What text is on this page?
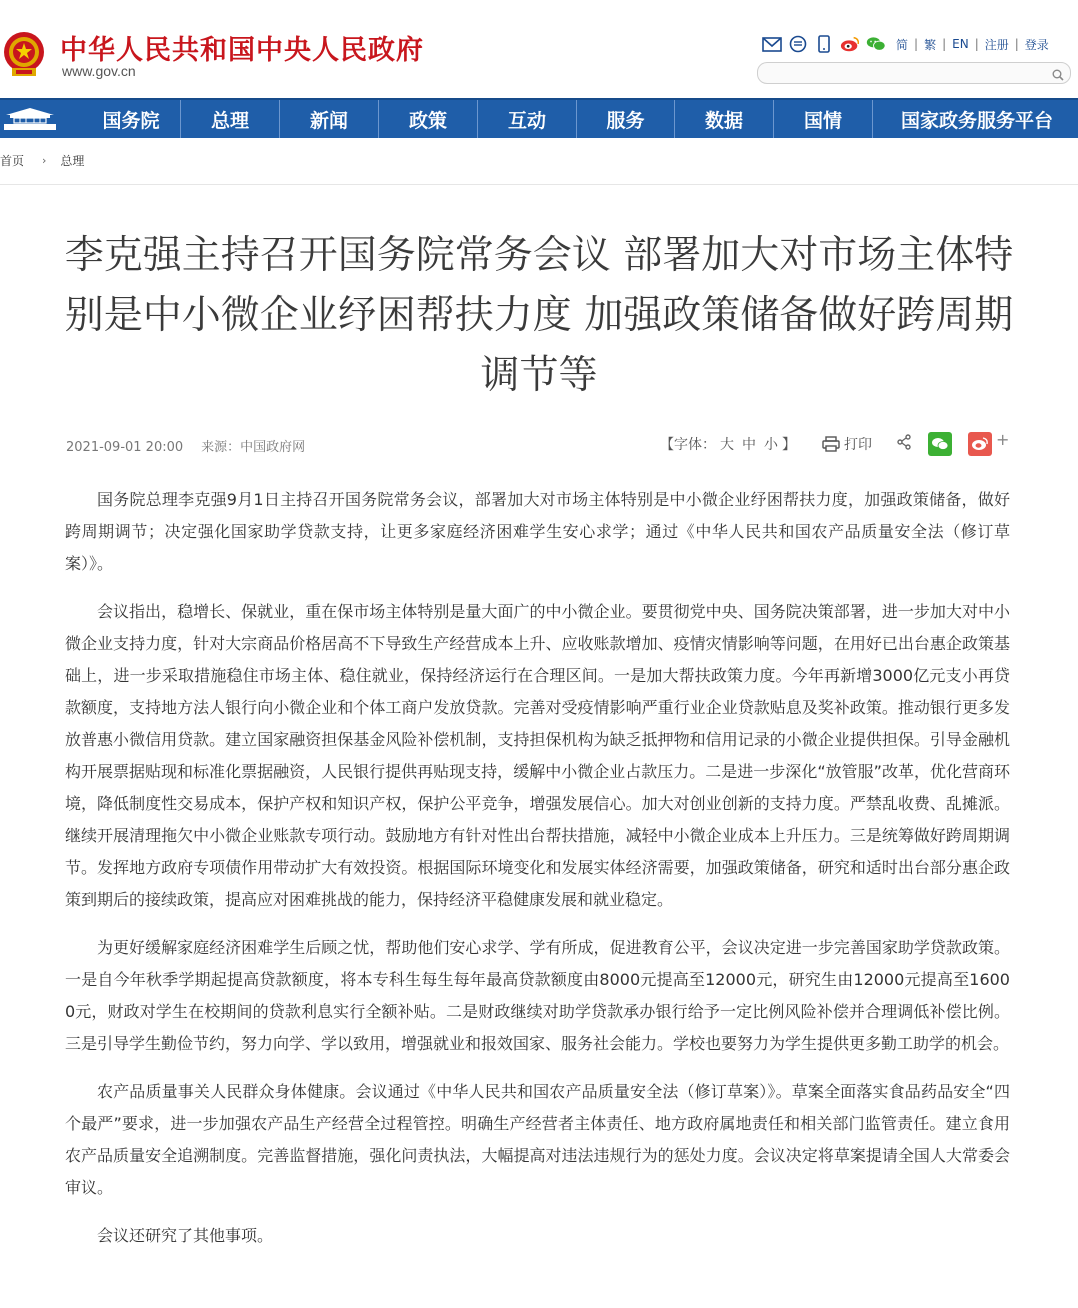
中华人民共和国中央人民政府
www.gov.cn
简 | 繁 | EN | 注册 | 登录
国务院	总理	新闻	政策	互动	服务	数据	国情	国家政务服务平台
首页 › 总理
李克强主持召开国务院常务会议 部署加大对市场主体特别是中小微企业纾困帮扶力度 加强政策储备做好跨周期调节等
2021-09-01 20:00 来源：中国政府网	【字体： 大 中 小 】	打印	+

国务院总理李克强9月1日主持召开国务院常务会议，部署加大对市场主体特别是中小微企业纾困帮扶力度，加强政策储备，做好跨周期调节；决定强化国家助学贷款支持，让更多家庭经济困难学生安心求学；通过《中华人民共和国农产品质量安全法（修订草案）》。

会议指出，稳增长、保就业，重在保市场主体特别是量大面广的中小微企业。要贯彻党中央、国务院决策部署，进一步加大对中小微企业支持力度，针对大宗商品价格居高不下导致生产经营成本上升、应收账款增加、疫情灾情影响等问题，在用好已出台惠企政策基础上，进一步采取措施稳住市场主体、稳住就业，保持经济运行在合理区间。一是加大帮扶政策力度。今年再新增3000亿元支小再贷款额度，支持地方法人银行向小微企业和个体工商户发放贷款。完善对受疫情影响严重行业企业贷款贴息及奖补政策。推动银行更多发放普惠小微信用贷款。建立国家融资担保基金风险补偿机制，支持担保机构为缺乏抵押物和信用记录的小微企业提供担保。引导金融机构开展票据贴现和标准化票据融资，人民银行提供再贴现支持，缓解中小微企业占款压力。二是进一步深化“放管服”改革，优化营商环境，降低制度性交易成本，保护产权和知识产权，保护公平竞争，增强发展信心。加大对创业创新的支持力度。严禁乱收费、乱摊派。继续开展清理拖欠中小微企业账款专项行动。鼓励地方有针对性出台帮扶措施，减轻中小微企业成本上升压力。三是统筹做好跨周期调节。发挥地方政府专项债作用带动扩大有效投资。根据国际环境变化和发展实体经济需要，加强政策储备，研究和适时出台部分惠企政策到期后的接续政策，提高应对困难挑战的能力，保持经济平稳健康发展和就业稳定。

为更好缓解家庭经济困难学生后顾之忧，帮助他们安心求学、学有所成，促进教育公平，会议决定进一步完善国家助学贷款政策。一是自今年秋季学期起提高贷款额度，将本专科生每生每年最高贷款额度由8000元提高至12000元，研究生由12000元提高至16000元，财政对学生在校期间的贷款利息实行全额补贴。二是财政继续对助学贷款承办银行给予一定比例风险补偿并合理调低补偿比例。三是引导学生勤俭节约，努力向学、学以致用，增强就业和报效国家、服务社会能力。学校也要努力为学生提供更多勤工助学的机会。

农产品质量事关人民群众身体健康。会议通过《中华人民共和国农产品质量安全法（修订草案）》。草案全面落实食品药品安全“四个最严”要求，进一步加强农产品生产经营全过程管控。明确生产经营者主体责任、地方政府属地责任和相关部门监管责任。建立食用农产品质量安全追溯制度。完善监督措施，强化问责执法，大幅提高对违法违规行为的惩处力度。会议决定将草案提请全国人大常委会审议。

会议还研究了其他事项。
